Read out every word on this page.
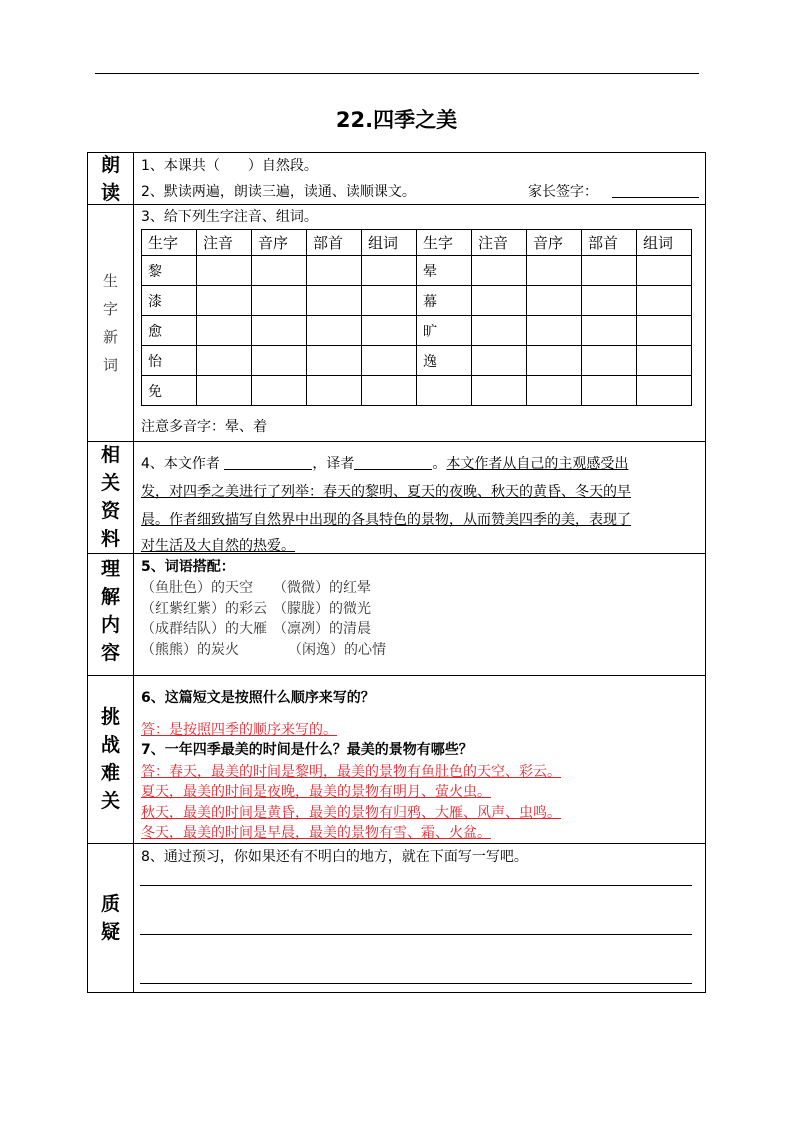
22.四季之美
朗
读
1、本课共（　　）自然段。
2、默读两遍，朗读三遍，读通、读顺课文。	家长签字：
生
字
新
词
3、给下列生字注音、组词。
生字	注音	音序	部首	组词	生字	注音	音序	部首	组词
黎					晕				
漆					幕				
愈					旷				
怡					逸				
免									
注意多音字：晕、着
相
关
资
料
4、本文作者	，译者	。本文作者从自己的主观感受出
发，对四季之美进行了列举：春天的黎明、夏天的夜晚、秋天的黄昏、冬天的早
晨。作者细致描写自然界中出现的各具特色的景物，从而赞美四季的美，表现了
对生活及大自然的热爱。
理
解
内
容
5、词语搭配：
（鱼肚色）的天空 （微微）的红晕
（红紫红紫）的彩云 （朦胧）的微光
（成群结队）的大雁 （凛冽）的清晨
（熊熊）的炭火	（闲逸）的心情
挑
战
难
关
6、这篇短文是按照什么顺序来写的？
答：是按照四季的顺序来写的。
7、一年四季最美的时间是什么？最美的景物有哪些？
答：春天，最美的时间是黎明，最美的景物有鱼肚色的天空、彩云。
夏天，最美的时间是夜晚，最美的景物有明月、萤火虫。
秋天，最美的时间是黄昏，最美的景物有归鸦、大雁、风声、虫鸣。
冬天，最美的时间是早晨，最美的景物有雪、霜、火盆。
质
疑
8、通过预习，你如果还有不明白的地方，就在下面写一写吧。
